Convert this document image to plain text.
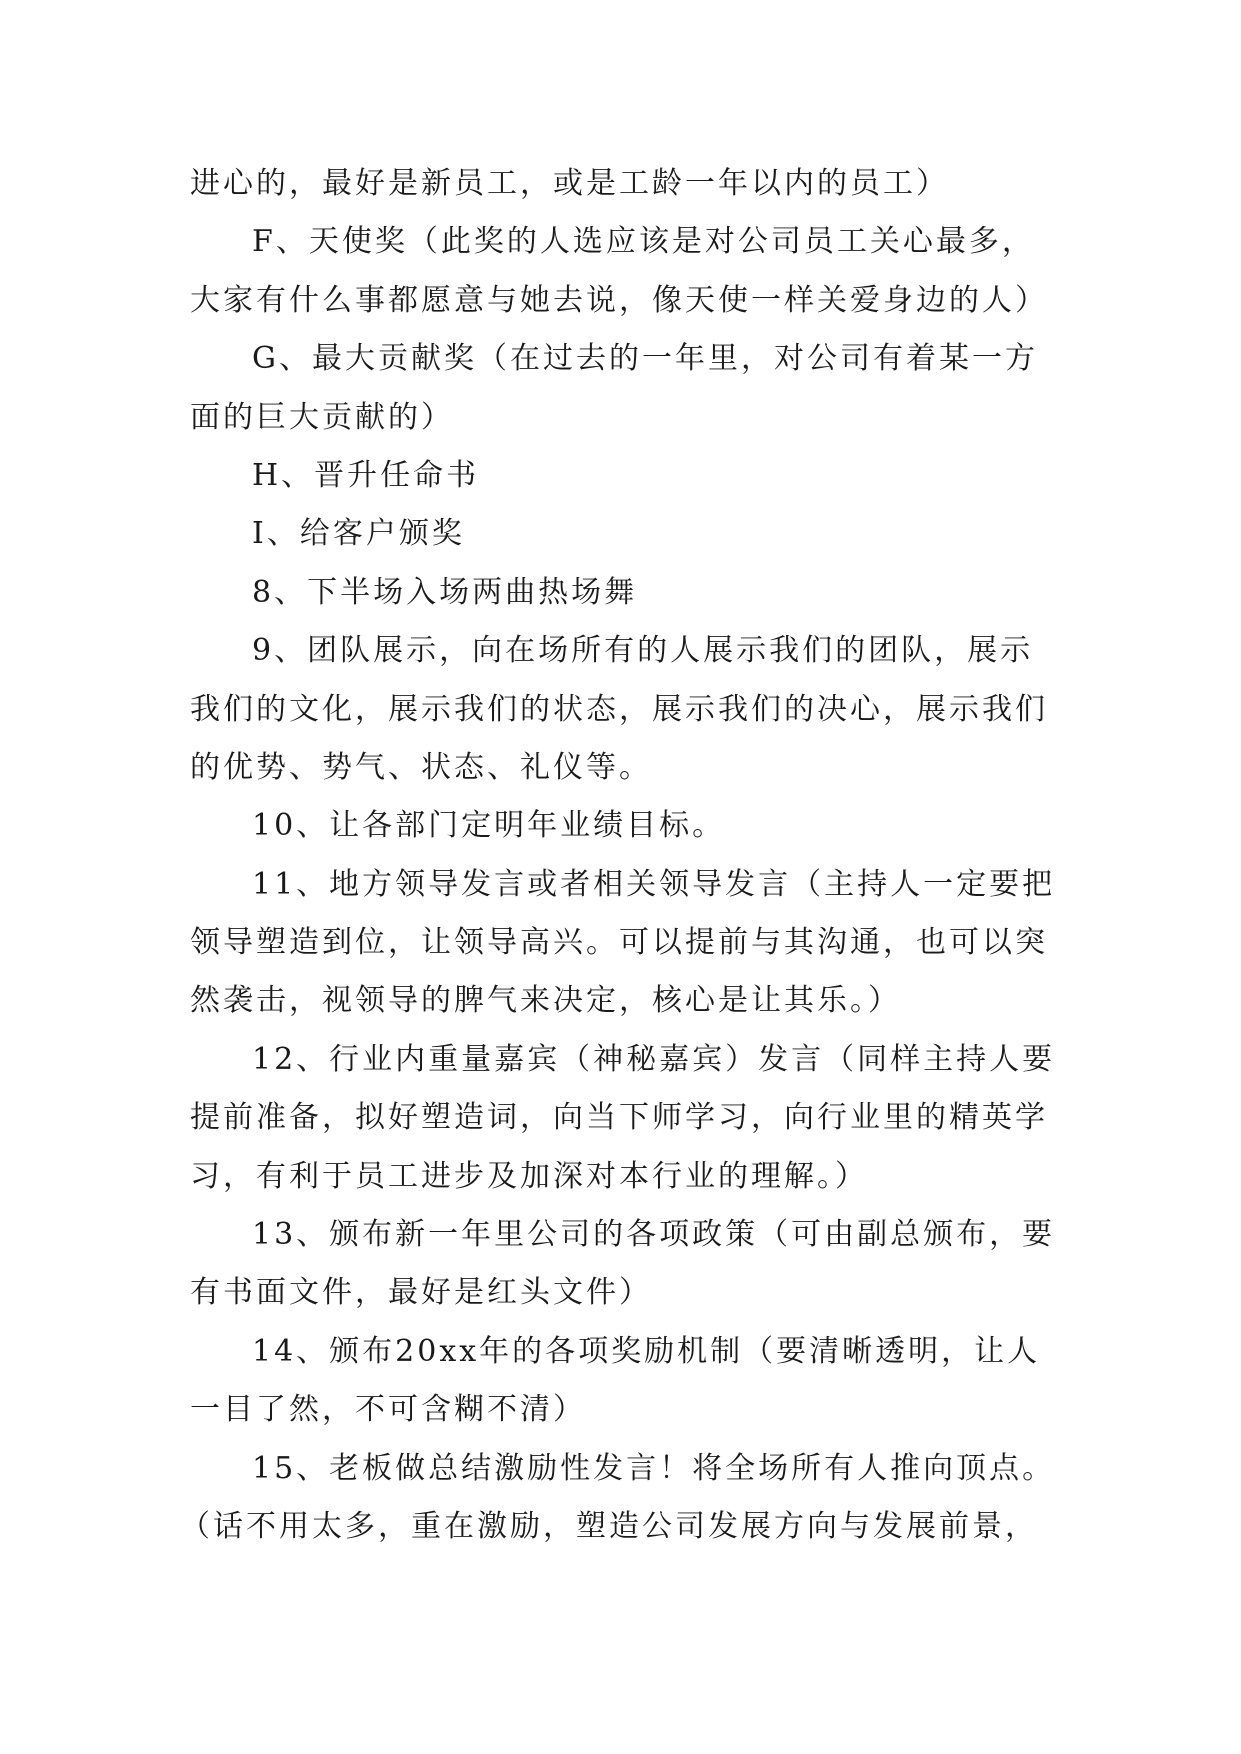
进心的，最好是新员工，或是工龄一年以内的员工）
F、天使奖（此奖的人选应该是对公司员工关心最多，
大家有什么事都愿意与她去说，像天使一样关爱身边的人）
G、最大贡献奖（在过去的一年里，对公司有着某一方
面的巨大贡献的）
H、晋升任命书
I、给客户颁奖
8、下半场入场两曲热场舞
9、团队展示，向在场所有的人展示我们的团队，展示
我们的文化，展示我们的状态，展示我们的决心，展示我们
的优势、势气、状态、礼仪等。
10、让各部门定明年业绩目标。
11、地方领导发言或者相关领导发言（主持人一定要把
领导塑造到位，让领导高兴。可以提前与其沟通，也可以突
然袭击，视领导的脾气来决定，核心是让其乐。）
12、行业内重量嘉宾（神秘嘉宾）发言（同样主持人要
提前准备，拟好塑造词，向当下师学习，向行业里的精英学
习，有利于员工进步及加深对本行业的理解。）
13、颁布新一年里公司的各项政策（可由副总颁布，要
有书面文件，最好是红头文件）
14、颁布20xx年的各项奖励机制（要清晰透明，让人
一目了然，不可含糊不清）
15、老板做总结激励性发言！将全场所有人推向顶点。
（话不用太多，重在激励，塑造公司发展方向与发展前景，
